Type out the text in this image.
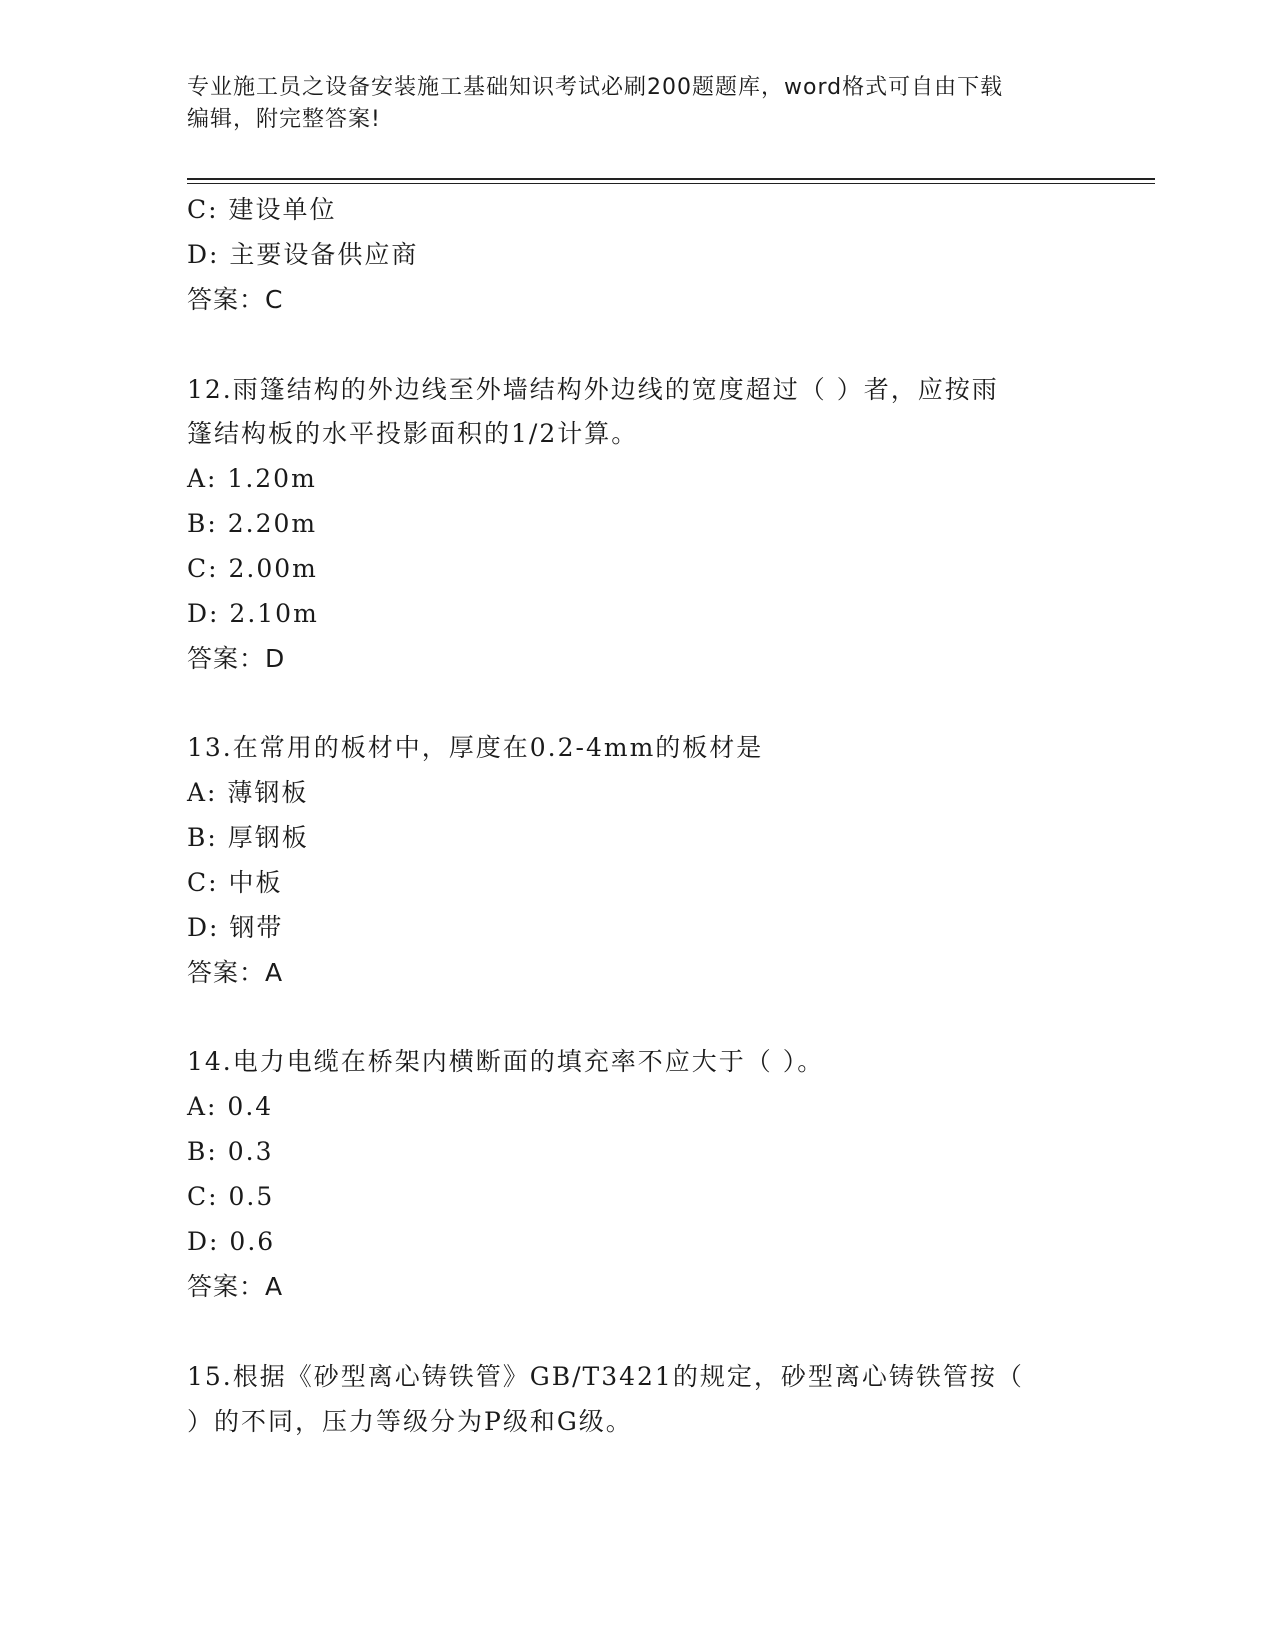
专业施工员之设备安装施工基础知识考试必刷200题题库，word格式可自由下载
编辑，附完整答案!
C: 建设单位
D: 主要设备供应商
答案：C
12.雨篷结构的外边线至外墙结构外边线的宽度超过（ ）者，应按雨
篷结构板的水平投影面积的1/2计算。
A: 1.20m
B: 2.20m
C: 2.00m
D: 2.10m
答案：D
13.在常用的板材中，厚度在0.2-4mm的板材是
A: 薄钢板
B: 厚钢板
C: 中板
D: 钢带
答案：A
14.电力电缆在桥架内横断面的填充率不应大于（ ）。
A: 0.4
B: 0.3
C: 0.5
D: 0.6
答案：A
15.根据《砂型离心铸铁管》GB/T3421的规定，砂型离心铸铁管按（
）的不同，压力等级分为P级和G级。
